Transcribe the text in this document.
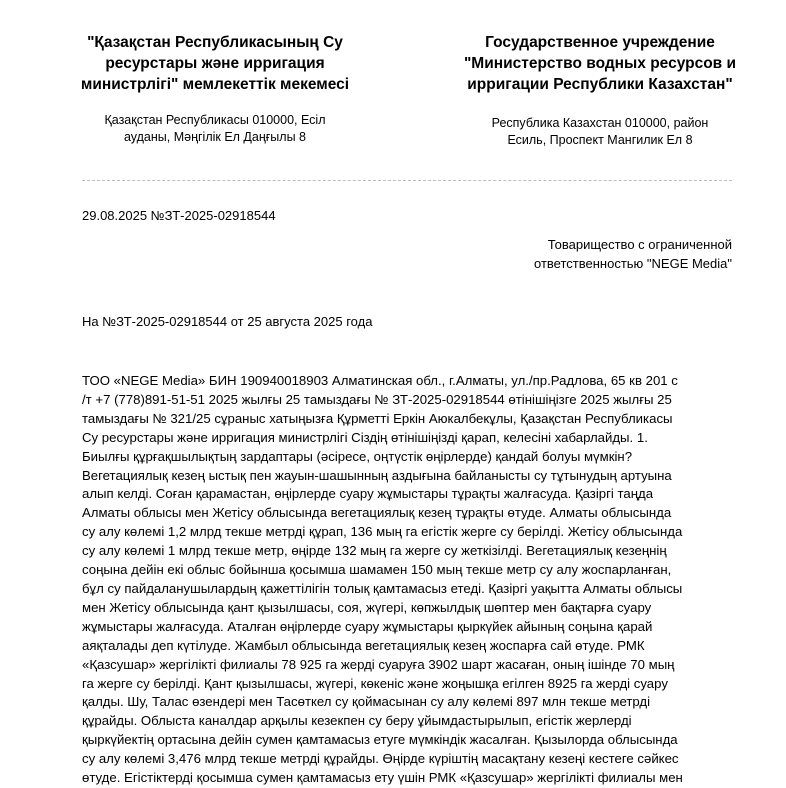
"Қазақстан Республикасының Су
ресурстары және ирригация
министрлігі" мемлекеттік мекемесі

Қазақстан Республикасы 010000, Есіл
ауданы, Мәңгілік Ел Даңғылы 8

Государственное учреждение
"Министерство водных ресурсов и
ирригации Республики Казахстан"

Республика Казахстан 010000, район
Есиль, Проспект Мангилик Ел 8
29.08.2025 №ЗТ-2025-02918544
Товарищество с ограниченной
ответственностью "NEGE Media"
На №ЗТ-2025-02918544 от 25 августа 2025 года
ТОО «NEGE Media» БИН 190940018903 Алматинская обл., г.Алматы, ул./пр.Радлова, 65 кв 201 с
/т +7 (778)891-51-51 2025 жылғы 25 тамыздағы № ЗТ-2025-02918544 өтінішіңізге 2025 жылғы 25
тамыздағы № 321/25 сұраныс хатыңызға Құрметті Еркін Аюкалбекұлы, Қазақстан Республикасы
Су ресурстары және ирригация министрлігі Сіздің өтінішіңізді қарап, келесіні хабарлайды. 1.
Биылғы құрғақшылықтың зардаптары (әсіресе, оңтүстік өңірлерде) қандай болуы мүмкін?
Вегетациялық кезең ыстық пен жауын-шашынның аздығына байланысты су тұтынудың артуына
алып келді. Соған қарамастан, өңірлерде суару жұмыстары тұрақты жалғасуда. Қазіргі таңда
Алматы облысы мен Жетісу облысында вегетациялық кезең тұрақты өтуде. Алматы облысында
су алу көлемі 1,2 млрд текше метрді құрап, 136 мың га егістік жерге су берілді. Жетісу облысында
су алу көлемі 1 млрд текше метр, өңірде 132 мың га жерге су жеткізілді. Вегетациялық кезеңнің
соңына дейін екі облыс бойынша қосымша шамамен 150 мың текше метр су алу жоспарланған,
бұл су пайдаланушылардың қажеттілігін толық қамтамасыз етеді. Қазіргі уақытта Алматы облысы
мен Жетісу облысында қант қызылшасы, соя, жүгері, көпжылдық шөптер мен бақтарға суару
жұмыстары жалғасуда. Аталған өңірлерде суару жұмыстары қыркүйек айының соңына қарай
аяқталады деп күтілуде. Жамбыл облысында вегетациялық кезең жоспарға сай өтуде. РМК
«Қазсушар» жергілікті филиалы 78 925 га жерді суаруға 3902 шарт жасаған, оның ішінде 70 мың
га жерге су берілді. Қант қызылшасы, жүгері, көкеніс және жоңышқа егілген 8925 га жерді суару
қалды. Шу, Талас өзендері мен Тасөткел су қоймасынан су алу көлемі 897 млн текше метрді
құрайды. Облыста каналдар арқылы кезекпен су беру ұйымдастырылып, егістік жерлерді
қыркүйектің ортасына дейін сумен қамтамасыз етуге мүмкіндік жасалған. Қызылорда облысында
су алу көлемі 3,476 млрд текше метрді құрайды. Өңірде күріштің масақтану кезеңі кестеге сәйкес
өтуде. Егістіктерді қосымша сумен қамтамасыз ету үшін РМК «Қазсушар» жергілікті филиалы мен
